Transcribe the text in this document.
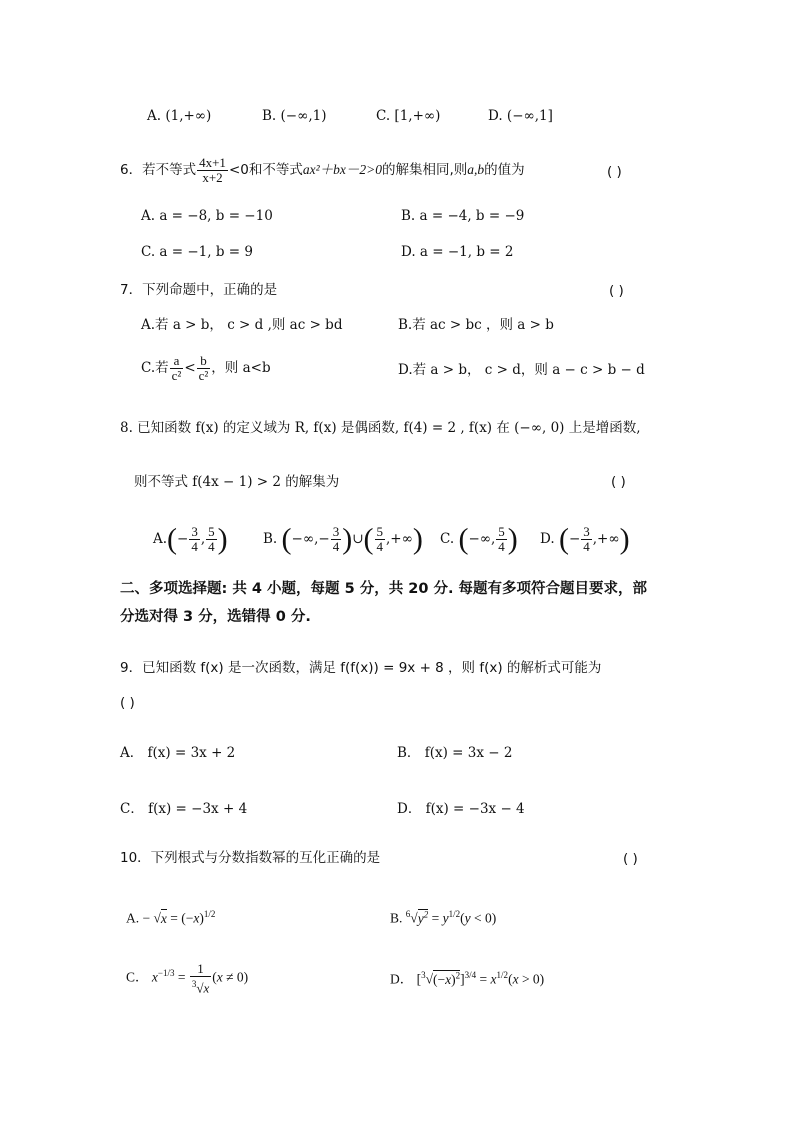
A. (1,+∞)	B. (−∞,1)	C. [1,+∞)	D. (−∞,1]
6．若不等式 $\frac{4x+1}{x+2} <0$和不等式ax²＋bx－2>0的解集相同,则a,b的值为	( )
A. a = −8, b = −10	B. a = −4, b = −9
C. a = −1, b = 9	D. a = −1, b = 2
7．下列命题中，正确的是	( )
A.若 a > b， c > d ,则 ac > bd	B.若 ac > bc ，则 a > b
C.若 $\frac{a}{\text{c²}} < \frac{b}{\text{c²}}$ ，则 a<b	D.若 a > b， c > d，则 a − c > b − d
8. 已知函数 f(x) 的定义域为 R, f(x) 是偶函数, f(4) = 2 , f(x) 在 (−∞, 0) 上是增函数,
则不等式 f(4x − 1) > 2 的解集为	( )
$A.(- \frac{3}{4}$ , $\frac{5}{4}$ )	B. (−∞,− $\frac{3}{4}$ )∪( $\frac{5}{4}$ ,+∞) C. (−∞, $\frac{5}{4}$ ) D. (− $\frac{3}{4}$ ,+∞)
二、多项选择题: 共 4 小题，每题 5 分，共 20 分. 每题有多项符合题目要求，部
分选对得 3 分，选错得 0 分.
9．已知函数 f(x) 是一次函数，满足 f(f(x)) = 9x + 8 ，则 f(x) 的解析式可能为
( )
A． f(x) = 3x + 2	B． f(x) = 3x − 2
C． f(x) = −3x + 4	D． f(x) = −3x − 4
10．下列根式与分数指数幂的互化正确的是	( )
A. − $√x = (-x)^{1/2}$	B. $^6√y^2 = y^{1/2}(y < 0)$
C． $x^{-1/3} = \frac{1}{^3√x} (x \ne 0)$	D． $[^3√(-x)^2]^{3/4} = x^{1/2}(x > 0)$
